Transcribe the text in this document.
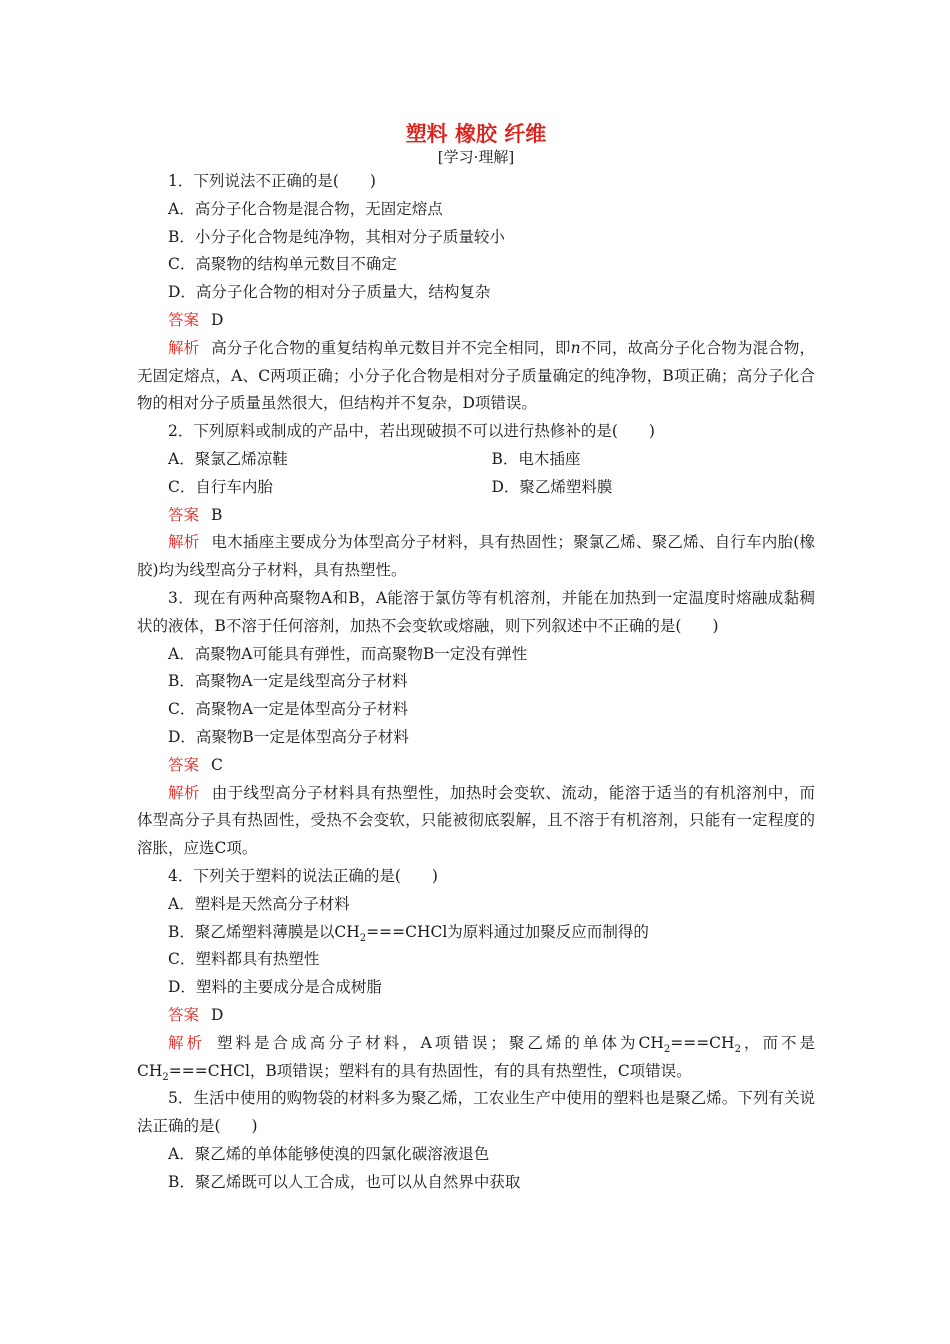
塑料 橡胶 纤维
[学习·理解]

1．下列说法不正确的是(　　)

A．高分子化合物是混合物，无固定熔点

B．小分子化合物是纯净物，其相对分子质量较小

C．高聚物的结构单元数目不确定

D．高分子化合物的相对分子质量大，结构复杂

答案 D

解析 高分子化合物的重复结构单元数目并不完全相同，即n不同，故高分子化合物为混合物，无固定熔点，A、C两项正确；小分子化合物是相对分子质量确定的纯净物，B项正确；高分子化合物的相对分子质量虽然很大，但结构并不复杂，D项错误。

2．下列原料或制成的产品中，若出现破损不可以进行热修补的是(　　)

A．聚氯乙烯凉鞋	B．电木插座
C．自行车内胎	D．聚乙烯塑料膜

答案 B

解析 电木插座主要成分为体型高分子材料，具有热固性；聚氯乙烯、聚乙烯、自行车内胎(橡胶)均为线型高分子材料，具有热塑性。

3．现在有两种高聚物A和B，A能溶于氯仿等有机溶剂，并能在加热到一定温度时熔融成黏稠状的液体，B不溶于任何溶剂，加热不会变软或熔融，则下列叙述中不正确的是(　　)

A．高聚物A可能具有弹性，而高聚物B一定没有弹性

B．高聚物A一定是线型高分子材料

C．高聚物A一定是体型高分子材料

D．高聚物B一定是体型高分子材料

答案 C

解析 由于线型高分子材料具有热塑性，加热时会变软、流动，能溶于适当的有机溶剂中，而体型高分子具有热固性，受热不会变软，只能被彻底裂解，且不溶于有机溶剂，只能有一定程度的溶胀，应选C项。

4．下列关于塑料的说法正确的是(　　)

A．塑料是天然高分子材料

B．聚乙烯塑料薄膜是以$CH_2===CHCl$为原料通过加聚反应而制得的

C．塑料都具有热塑性

D．塑料的主要成分是合成树脂

答案 D

解析 塑料是合成高分子材料，A项错误；聚乙烯的单体为$CH_2===CH_2$，而不是$CH_2===CHCl$，B项错误；塑料有的具有热固性，有的具有热塑性，C项错误。

5．生活中使用的购物袋的材料多为聚乙烯，工农业生产中使用的塑料也是聚乙烯。下列有关说法正确的是(　　)

A．聚乙烯的单体能够使溴的四氯化碳溶液退色

B．聚乙烯既可以人工合成，也可以从自然界中获取
